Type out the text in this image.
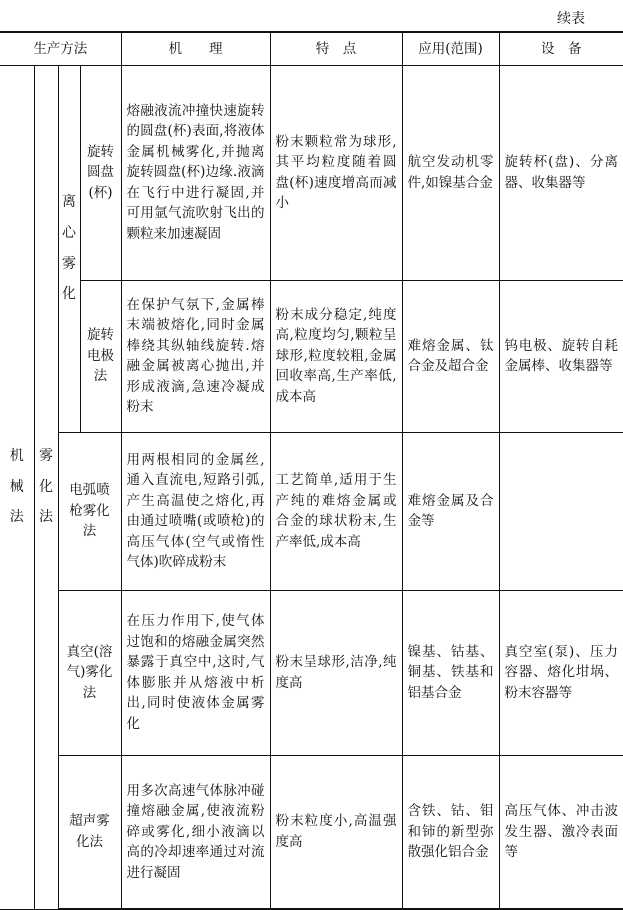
续表
生产方法				机　　理	特　点	应用(范围)	设　备
机械法	雾化法	离心雾化	旋转圆盘(杯)	熔融液流冲撞快速旋转的圆盘(杯)表面,将液体金属机械雾化,并抛离旋转圆盘(杯)边缘.液滴在飞行中进行凝固,并可用氩气流吹射飞出的颗粒来加速凝固	粉末颗粒常为球形,其平均粒度随着圆盘(杯)速度增高而减小	航空发动机零件,如镍基合金	旋转杯(盘)、分离器、收集器等
			旋转电极法	在保护气氛下,金属棒末端被熔化,同时金属棒绕其纵轴线旋转.熔融金属被离心抛出,并形成液滴,急速冷凝成粉末	粉末成分稳定,纯度高,粒度均匀,颗粒呈球形,粒度较粗,金属回收率高,生产率低,成本高	难熔金属、钛合金及超合金	钨电极、旋转自耗金属棒、收集器等
		电弧喷枪雾化法		用两根相同的金属丝,通入直流电,短路引弧,产生高温使之熔化,再由通过喷嘴(或喷枪)的高压气体(空气或惰性气体)吹碎成粉末	工艺简单,适用于生产纯的难熔金属或合金的球状粉末,生产率低,成本高	难熔金属及合金等	
		真空(溶气)雾化法		在压力作用下,使气体过饱和的熔融金属突然暴露于真空中,这时,气体膨胀并从熔液中析出,同时使液体金属雾化	粉末呈球形,洁净,纯度高	镍基、钴基、铜基、铁基和铝基合金	真空室(泵)、压力容器、熔化坩埚、粉末容器等
		超声雾化法		用多次高速气体脉冲碰撞熔融金属,使液流粉碎或雾化,细小液滴以高的冷却速率通过对流进行凝固	粉末粒度小,高温强度高	含铁、钴、钼和铈的新型弥散强化铝合金	高压气体、冲击波发生器、激冷表面等
